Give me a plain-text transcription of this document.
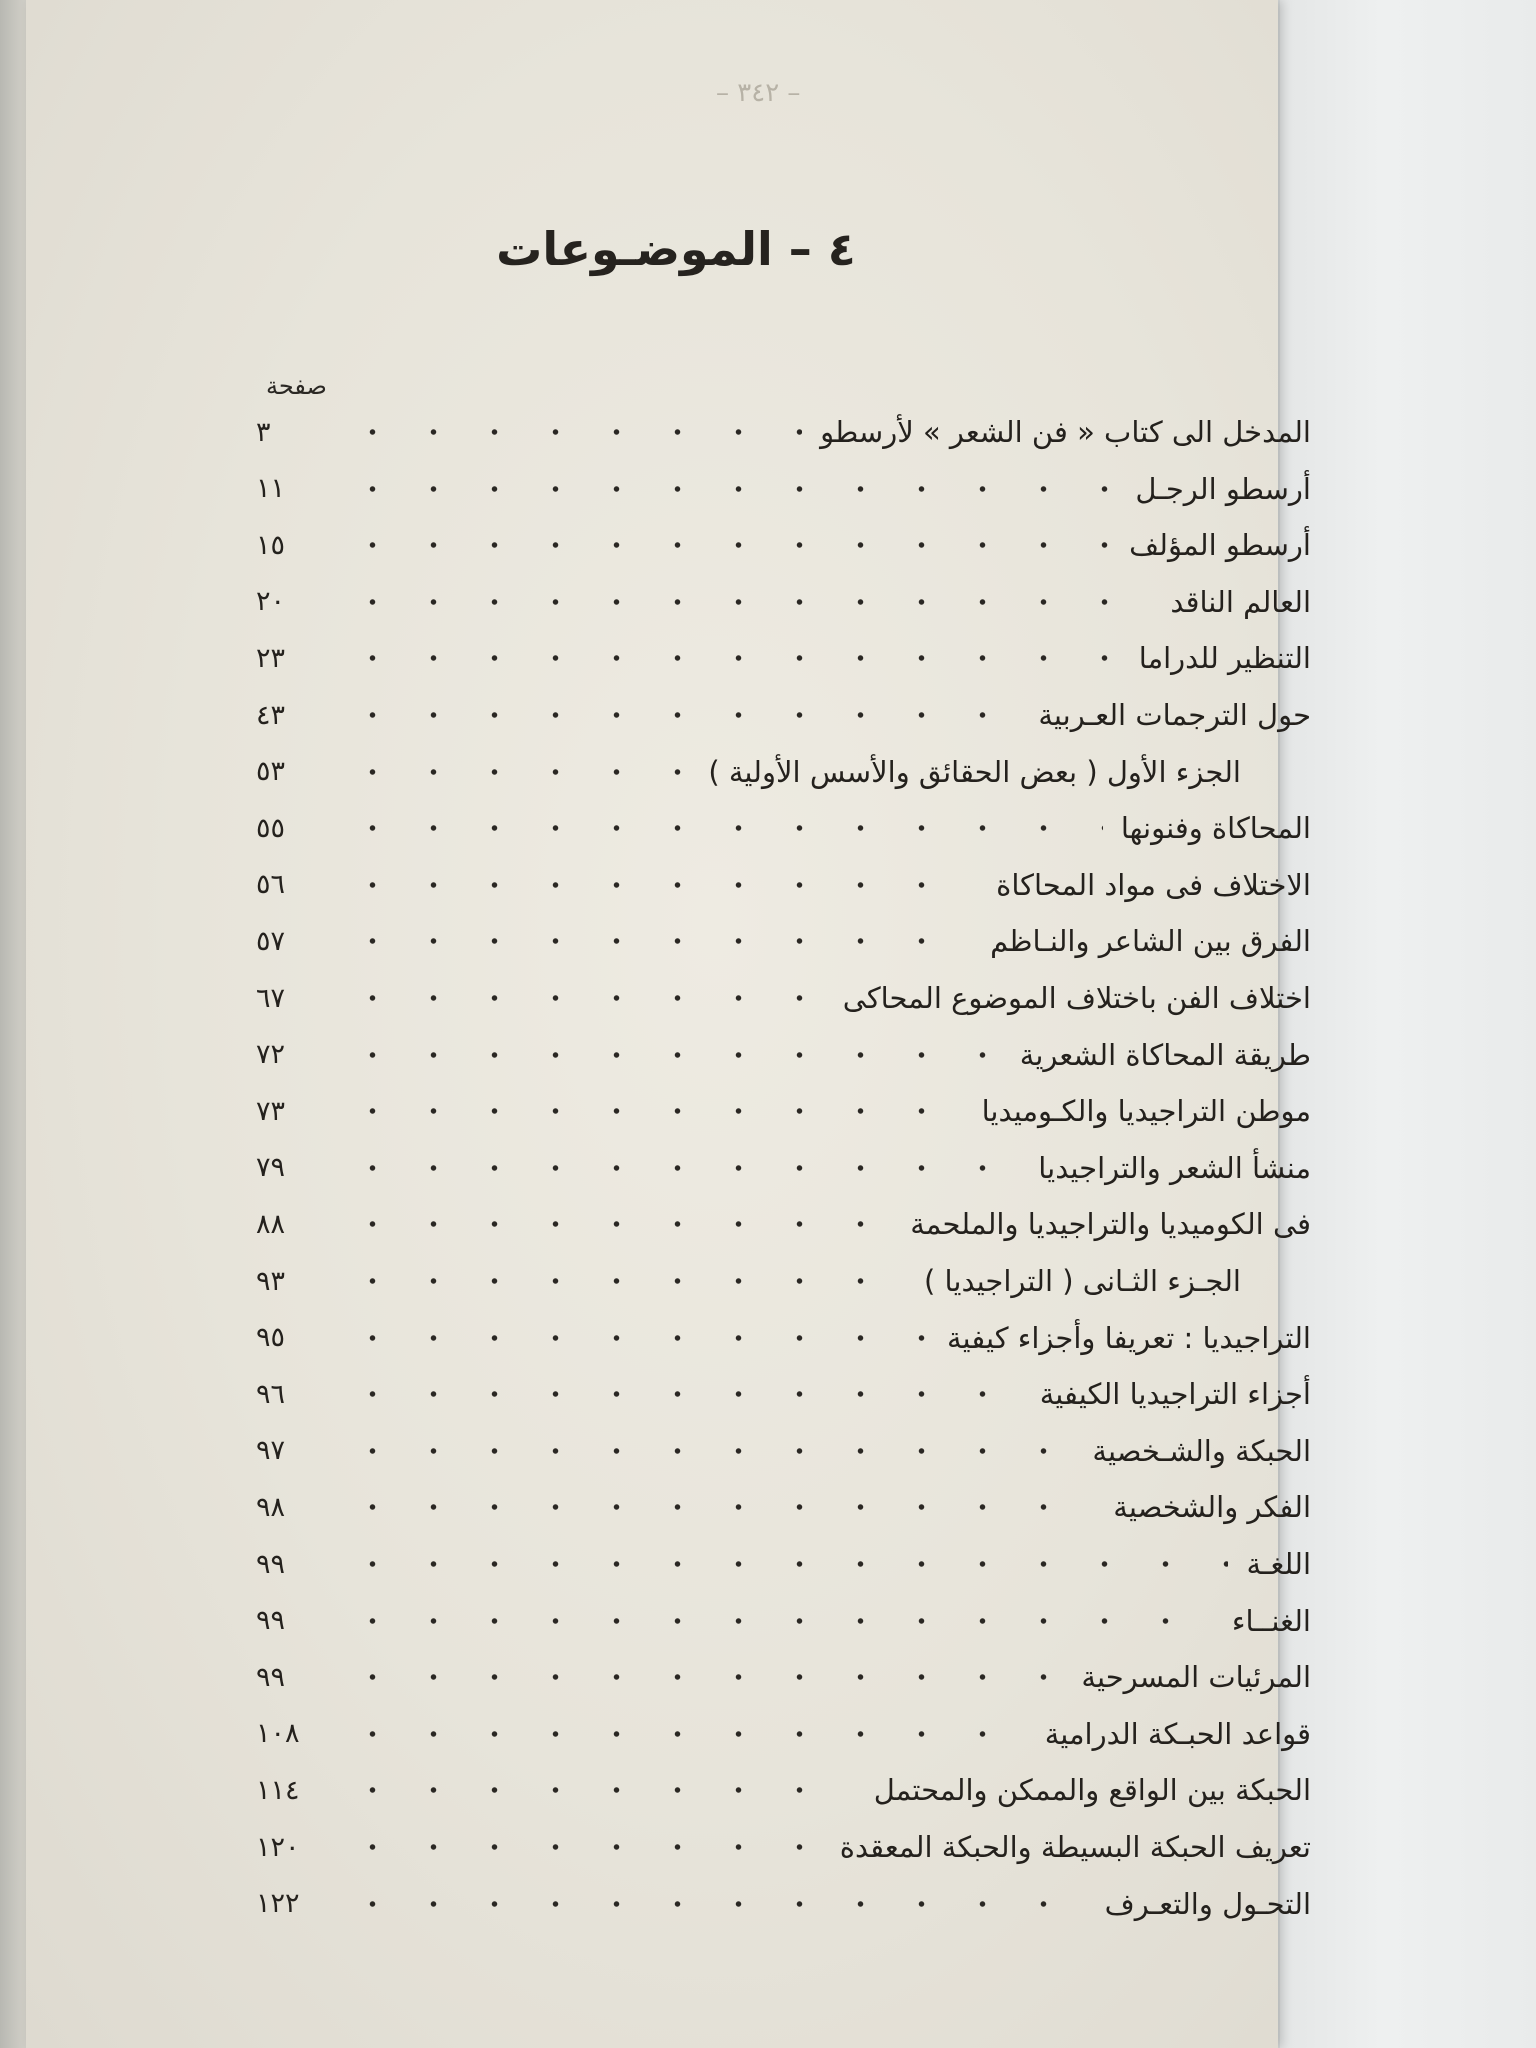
– ٣٤٢ –
٤ – الموضـوعات
صفحة
٣	المدخل الى كتاب « فن الشعر » لأرسطو
١١	أرسطو الرجـل
١٥	أرسطو المؤلف
٢٠	العالم الناقد
٢٣	التنظير للدراما
٤٣	حول الترجمات العـربية
٥٣	الجزء الأول ( بعض الحقائق والأسس الأولية )
٥٥	المحاكاة وفنونها
٥٦	الاختلاف فى مواد المحاكاة
٥٧	الفرق بين الشاعر والنـاظم
٦٧	اختلاف الفن باختلاف الموضوع المحاكى
٧٢	طريقة المحاكاة الشعرية
٧٣	موطن التراجيديا والكـوميديا
٧٩	منشأ الشعر والتراجيديا
٨٨	فى الكوميديا والتراجيديا والملحمة
٩٣	الجـزء الثـانى ( التراجيديا )
٩٥	التراجيديا : تعريفا وأجزاء كيفية
٩٦	أجزاء التراجيديا الكيفية
٩٧	الحبكة والشـخصية
٩٨	الفكر والشخصية
٩٩	اللغـة
٩٩	الغنــاء
٩٩	المرئيات المسرحية
١٠٨	قواعد الحبـكة الدرامية
١١٤	الحبكة بين الواقع والممكن والمحتمل
١٢٠	تعريف الحبكة البسيطة والحبكة المعقدة
١٢٢	التحـول والتعـرف
